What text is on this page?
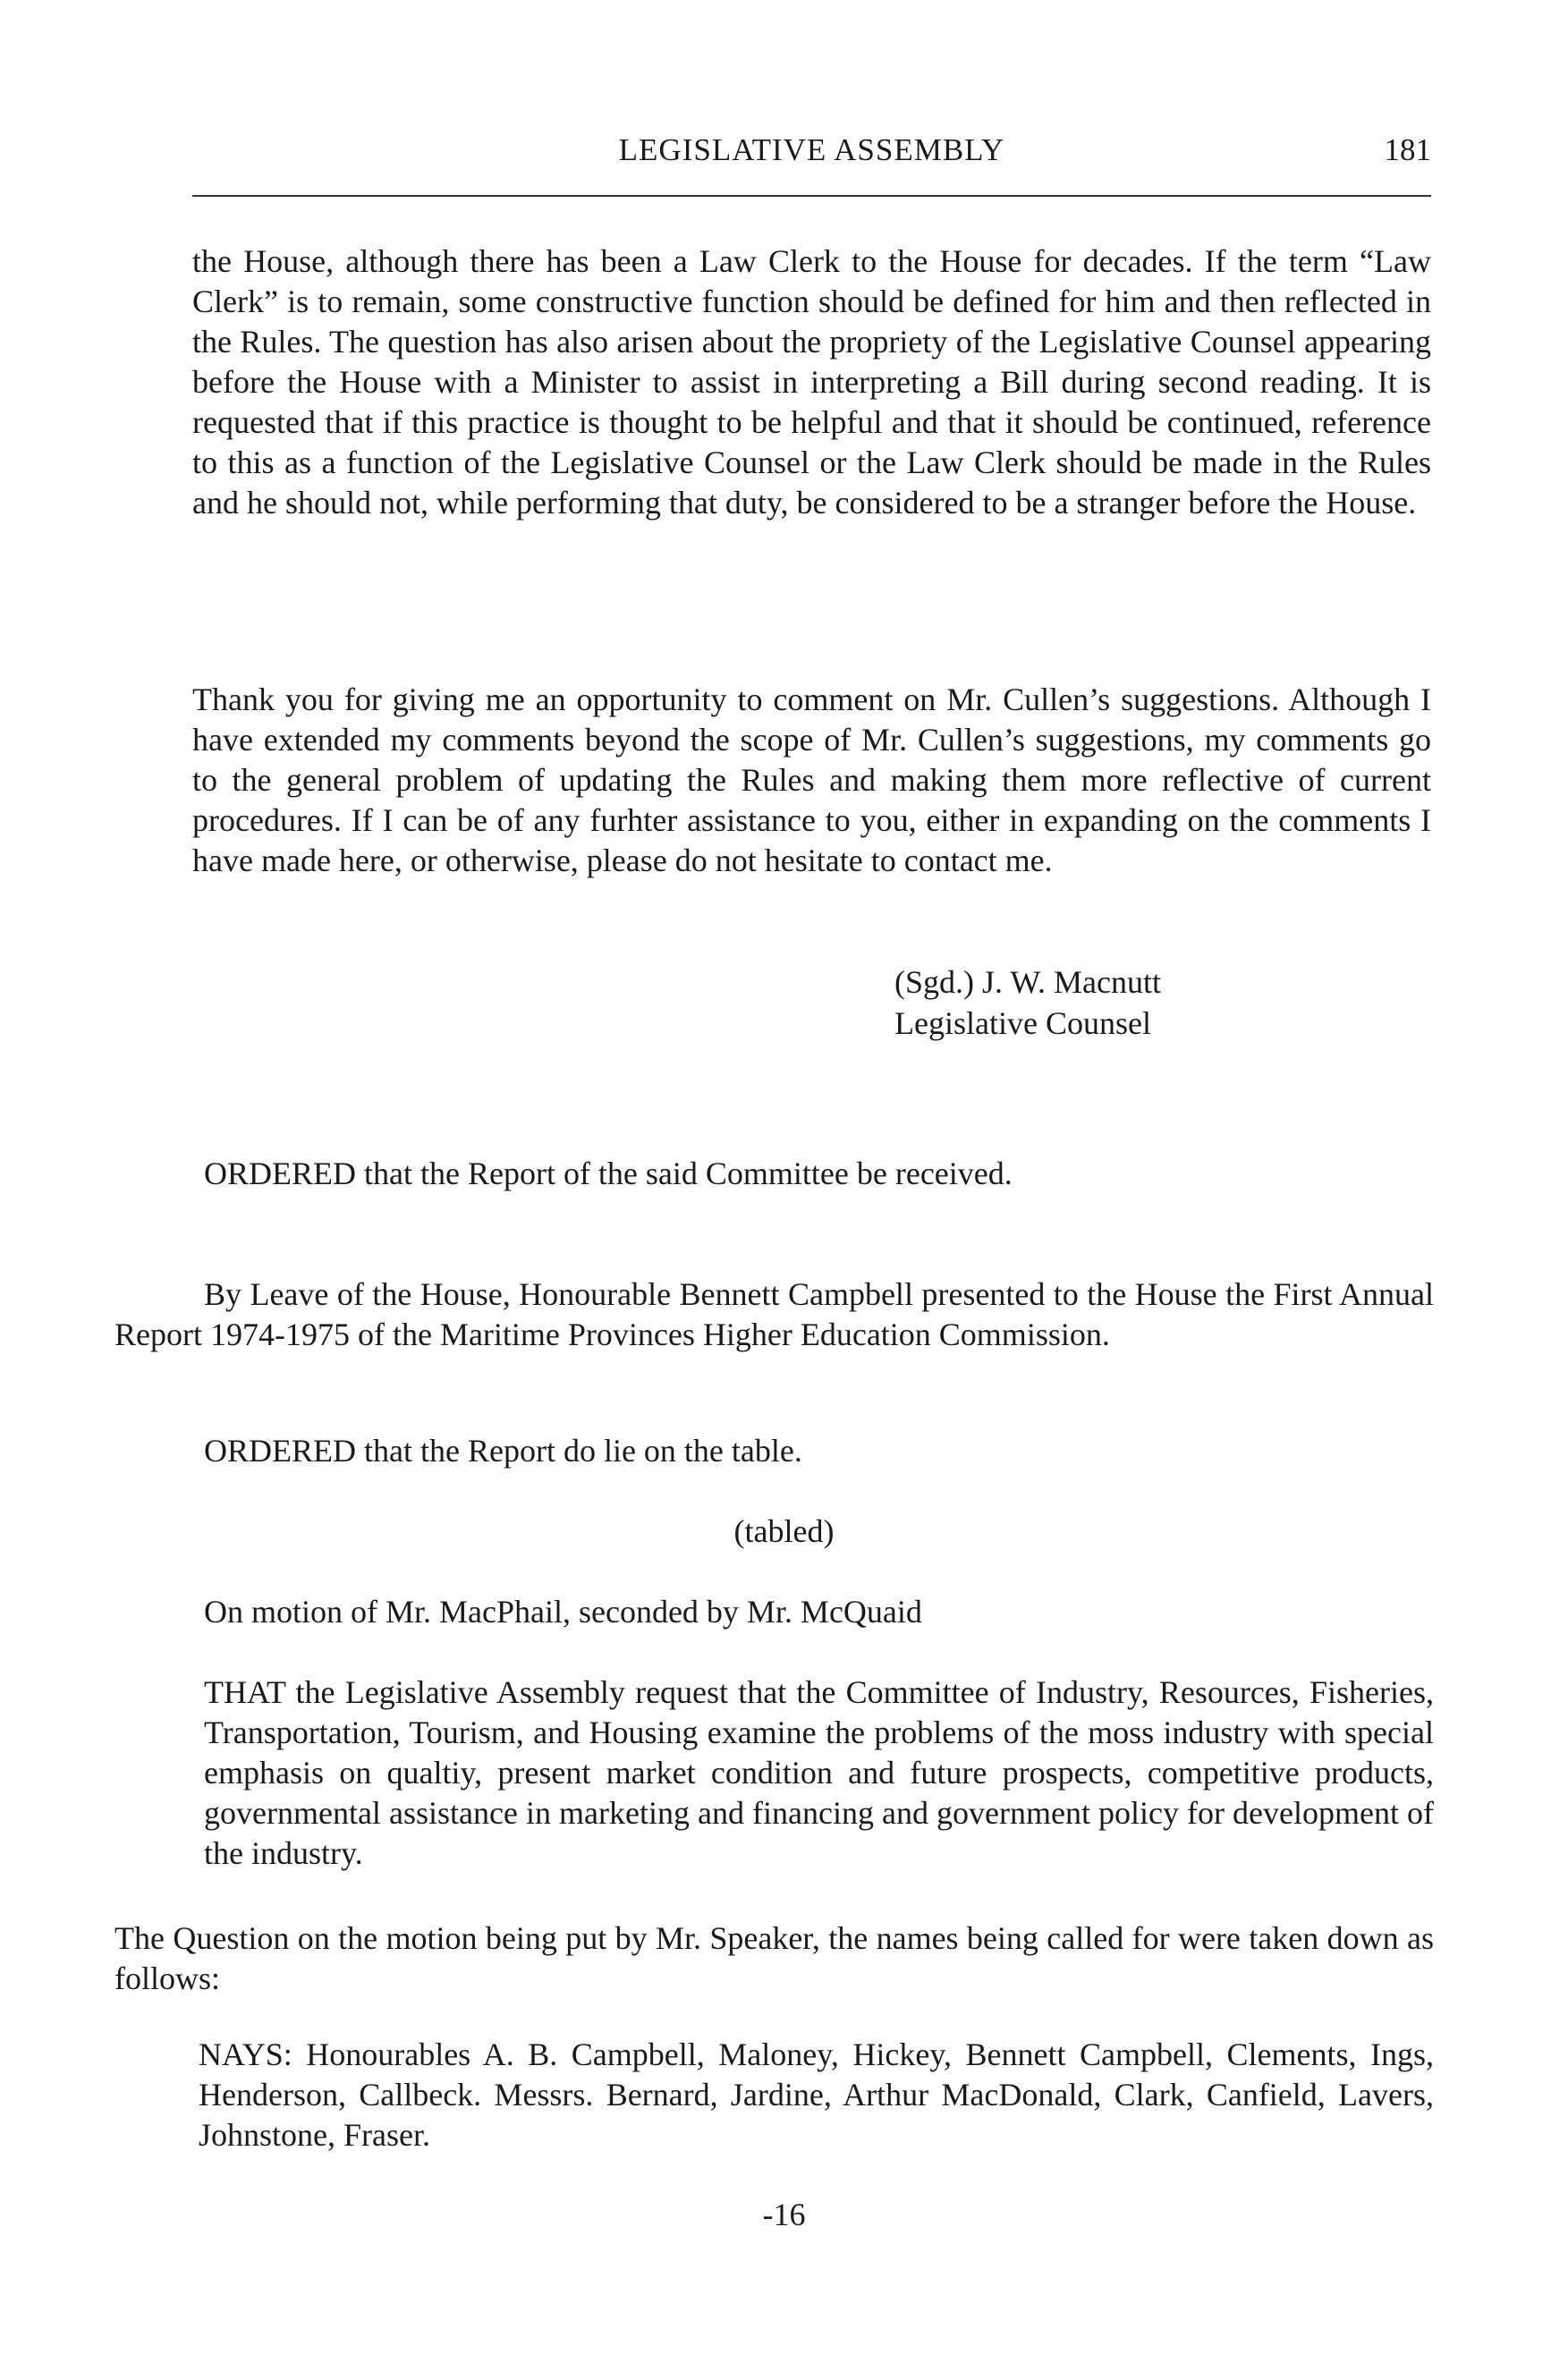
LEGISLATIVE ASSEMBLY	181
the House, although there has been a Law Clerk to the House for decades. If the term “Law Clerk” is to remain, some constructive function should be defined for him and then reflected in the Rules. The question has also arisen about the propriety of the Legislative Counsel appearing before the House with a Minister to assist in interpreting a Bill during second reading. It is requested that if this practice is thought to be helpful and that it should be continued, reference to this as a function of the Legislative Counsel or the Law Clerk should be made in the Rules and he should not, while performing that duty, be considered to be a stranger before the House.
Thank you for giving me an opportunity to comment on Mr. Cullen’s suggestions. Although I have extended my comments beyond the scope of Mr. Cullen’s suggestions, my comments go to the general problem of updating the Rules and making them more reflective of current procedures. If I can be of any furhter assistance to you, either in expanding on the comments I have made here, or otherwise, please do not hesitate to contact me.
(Sgd.) J. W. Macnutt
Legislative Counsel
ORDERED that the Report of the said Committee be received.
By Leave of the House, Honourable Bennett Campbell presented to the House the First Annual Report 1974-1975 of the Maritime Provinces Higher Education Commission.
ORDERED that the Report do lie on the table.
(tabled)
On motion of Mr. MacPhail, seconded by Mr. McQuaid
THAT the Legislative Assembly request that the Committee of Industry, Resources, Fisheries, Transportation, Tourism, and Housing examine the problems of the moss industry with special emphasis on qualtiy, present market condition and future prospects, competitive products, governmental assistance in marketing and financing and government policy for development of the industry.
The Question on the motion being put by Mr. Speaker, the names being called for were taken down as follows:
NAYS: Honourables A. B. Campbell, Maloney, Hickey, Bennett Campbell, Clements, Ings, Henderson, Callbeck. Messrs. Bernard, Jardine, Arthur MacDonald, Clark, Canfield, Lavers, Johnstone, Fraser.
-16
